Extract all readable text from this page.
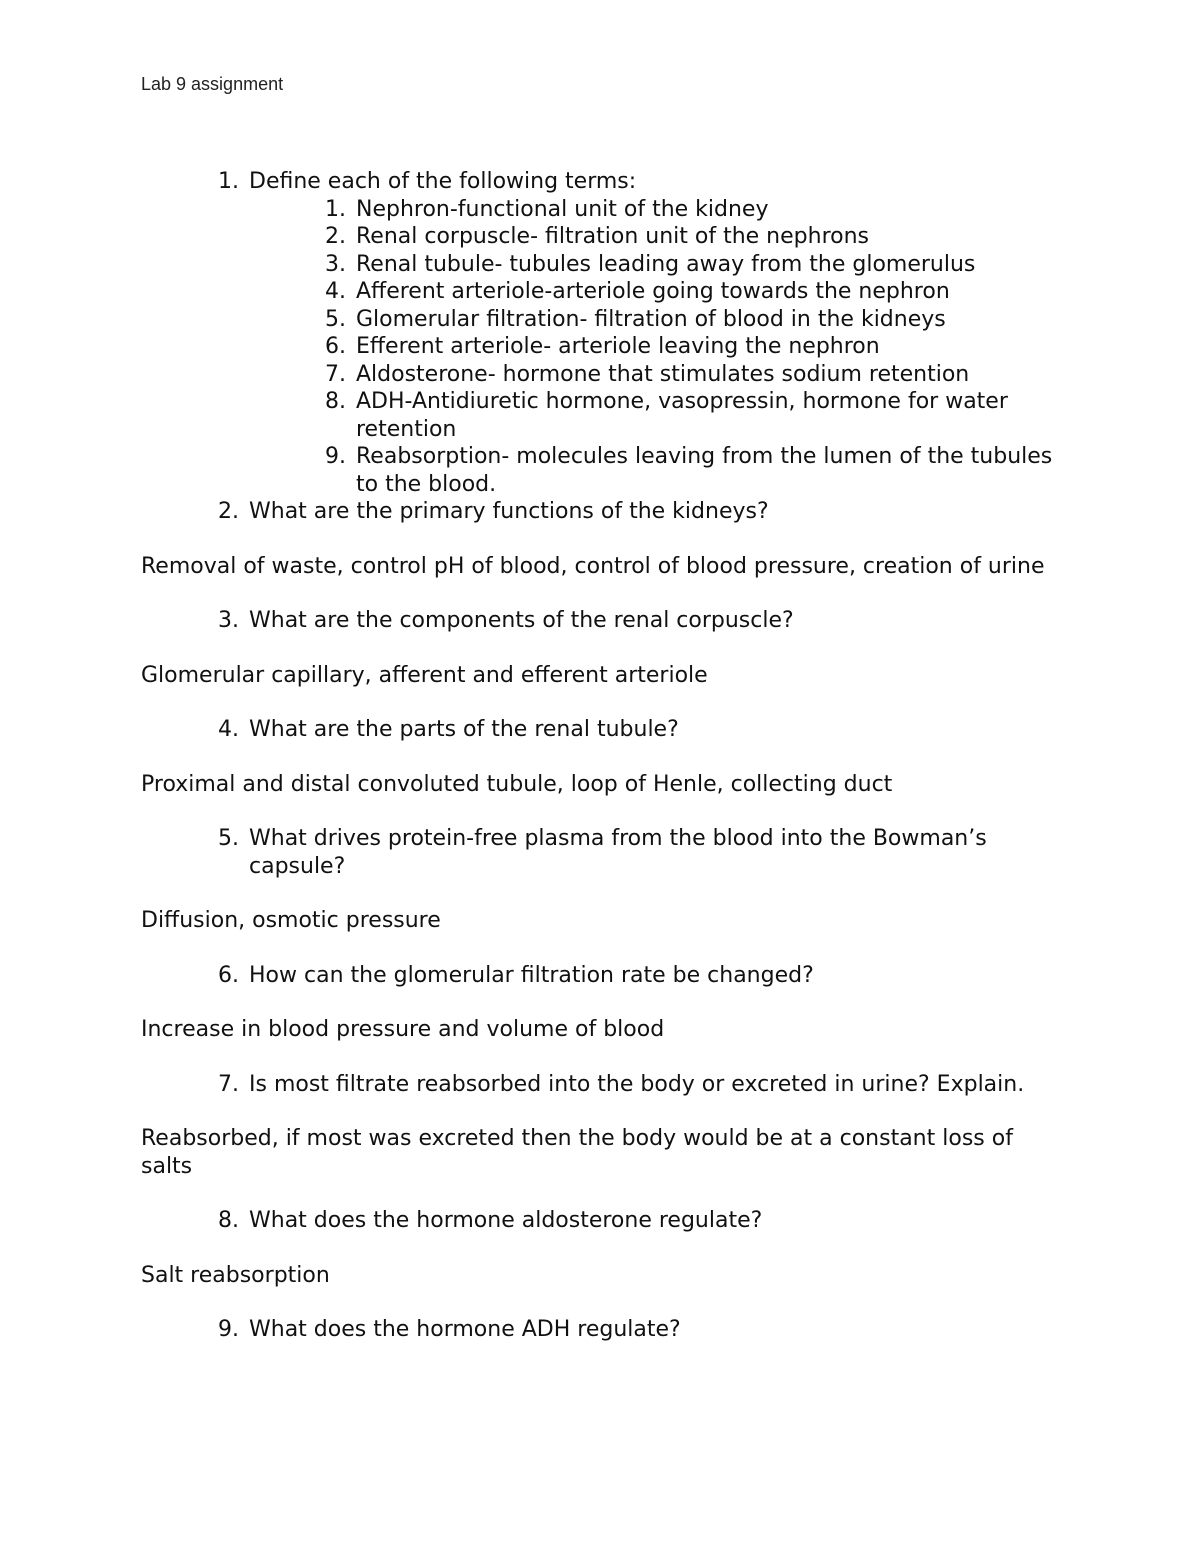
Lab 9 assignment
1. Define each of the following terms:
1. Nephron-functional unit of the kidney
2. Renal corpuscle- filtration unit of the nephrons
3. Renal tubule- tubules leading away from the glomerulus
4. Afferent arteriole-arteriole going towards the nephron
5. Glomerular filtration- filtration of blood in the kidneys
6. Efferent arteriole- arteriole leaving the nephron
7. Aldosterone- hormone that stimulates sodium retention
8. ADH-Antidiuretic hormone, vasopressin, hormone for water retention
9. Reabsorption- molecules leaving from the lumen of the tubules to the blood.
2. What are the primary functions of the kidneys?
Removal of waste, control pH of blood, control of blood pressure, creation of urine
3. What are the components of the renal corpuscle?
Glomerular capillary, afferent and efferent arteriole
4. What are the parts of the renal tubule?
Proximal and distal convoluted tubule, loop of Henle, collecting duct
5. What drives protein-free plasma from the blood into the Bowman’s capsule?
Diffusion, osmotic pressure
6. How can the glomerular filtration rate be changed?
Increase in blood pressure and volume of blood
7. Is most filtrate reabsorbed into the body or excreted in urine? Explain.
Reabsorbed, if most was excreted then the body would be at a constant loss of salts
8. What does the hormone aldosterone regulate?
Salt reabsorption
9. What does the hormone ADH regulate?
